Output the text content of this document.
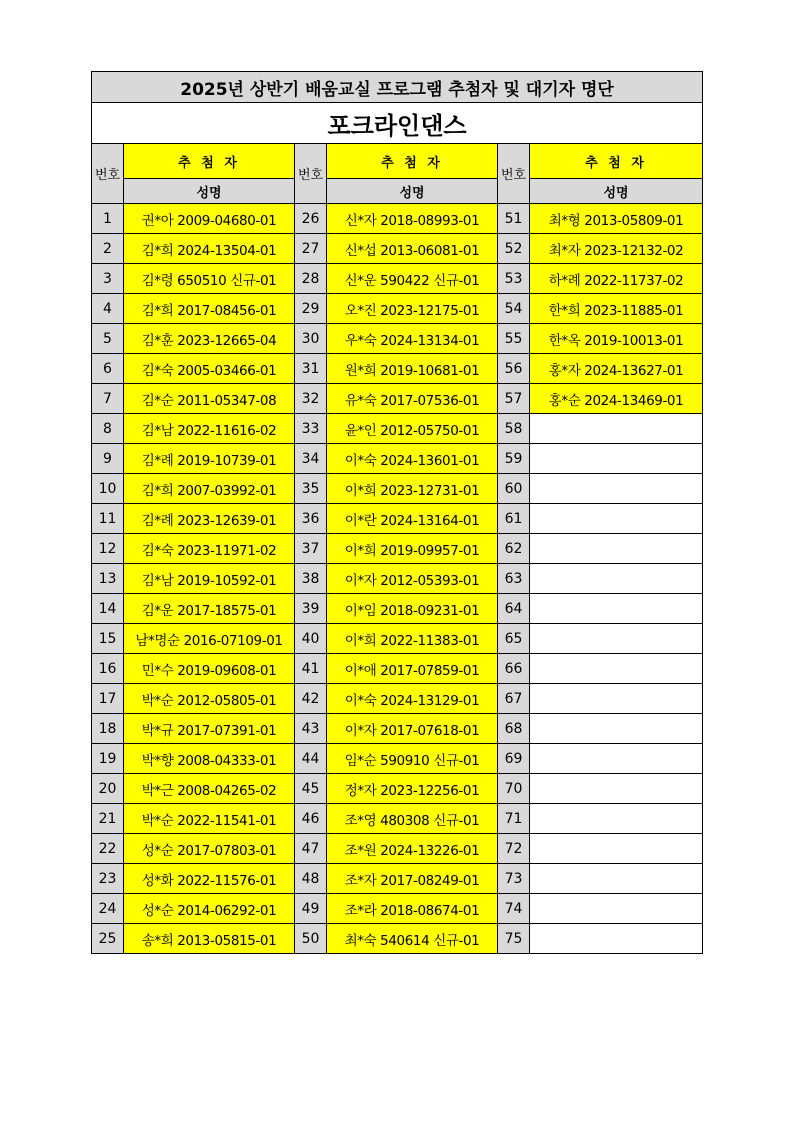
2025년 상반기 배움교실 프로그램 추첨자 및 대기자 명단					
포크라인댄스					
번호	추 첨 자	번호	추 첨 자	번호	추 첨 자
	성명		성명		성명
1	권*아 2009-04680-01	26	신*자 2018-08993-01	51	최*형 2013-05809-01
2	김*희 2024-13504-01	27	신*섭 2013-06081-01	52	최*자 2023-12132-02
3	김*령 650510 신규-01	28	신*운 590422 신규-01	53	하*례 2022-11737-02
4	김*희 2017-08456-01	29	오*진 2023-12175-01	54	한*희 2023-11885-01
5	김*훈 2023-12665-04	30	우*숙 2024-13134-01	55	한*옥 2019-10013-01
6	김*숙 2005-03466-01	31	원*희 2019-10681-01	56	홍*자 2024-13627-01
7	김*순 2011-05347-08	32	유*숙 2017-07536-01	57	홍*순 2024-13469-01
8	김*남 2022-11616-02	33	윤*인 2012-05750-01	58	
9	김*례 2019-10739-01	34	이*숙 2024-13601-01	59	
10	김*희 2007-03992-01	35	이*희 2023-12731-01	60	
11	김*례 2023-12639-01	36	이*란 2024-13164-01	61	
12	김*숙 2023-11971-02	37	이*희 2019-09957-01	62	
13	김*남 2019-10592-01	38	이*자 2012-05393-01	63	
14	김*운 2017-18575-01	39	이*임 2018-09231-01	64	
15	남*명순 2016-07109-01	40	이*희 2022-11383-01	65	
16	민*수 2019-09608-01	41	이*애 2017-07859-01	66	
17	박*순 2012-05805-01	42	이*숙 2024-13129-01	67	
18	박*규 2017-07391-01	43	이*자 2017-07618-01	68	
19	박*향 2008-04333-01	44	임*순 590910 신규-01	69	
20	박*근 2008-04265-02	45	정*자 2023-12256-01	70	
21	박*순 2022-11541-01	46	조*영 480308 신규-01	71	
22	성*순 2017-07803-01	47	조*원 2024-13226-01	72	
23	성*화 2022-11576-01	48	조*자 2017-08249-01	73	
24	성*순 2014-06292-01	49	조*라 2018-08674-01	74	
25	송*희 2013-05815-01	50	최*숙 540614 신규-01	75	
